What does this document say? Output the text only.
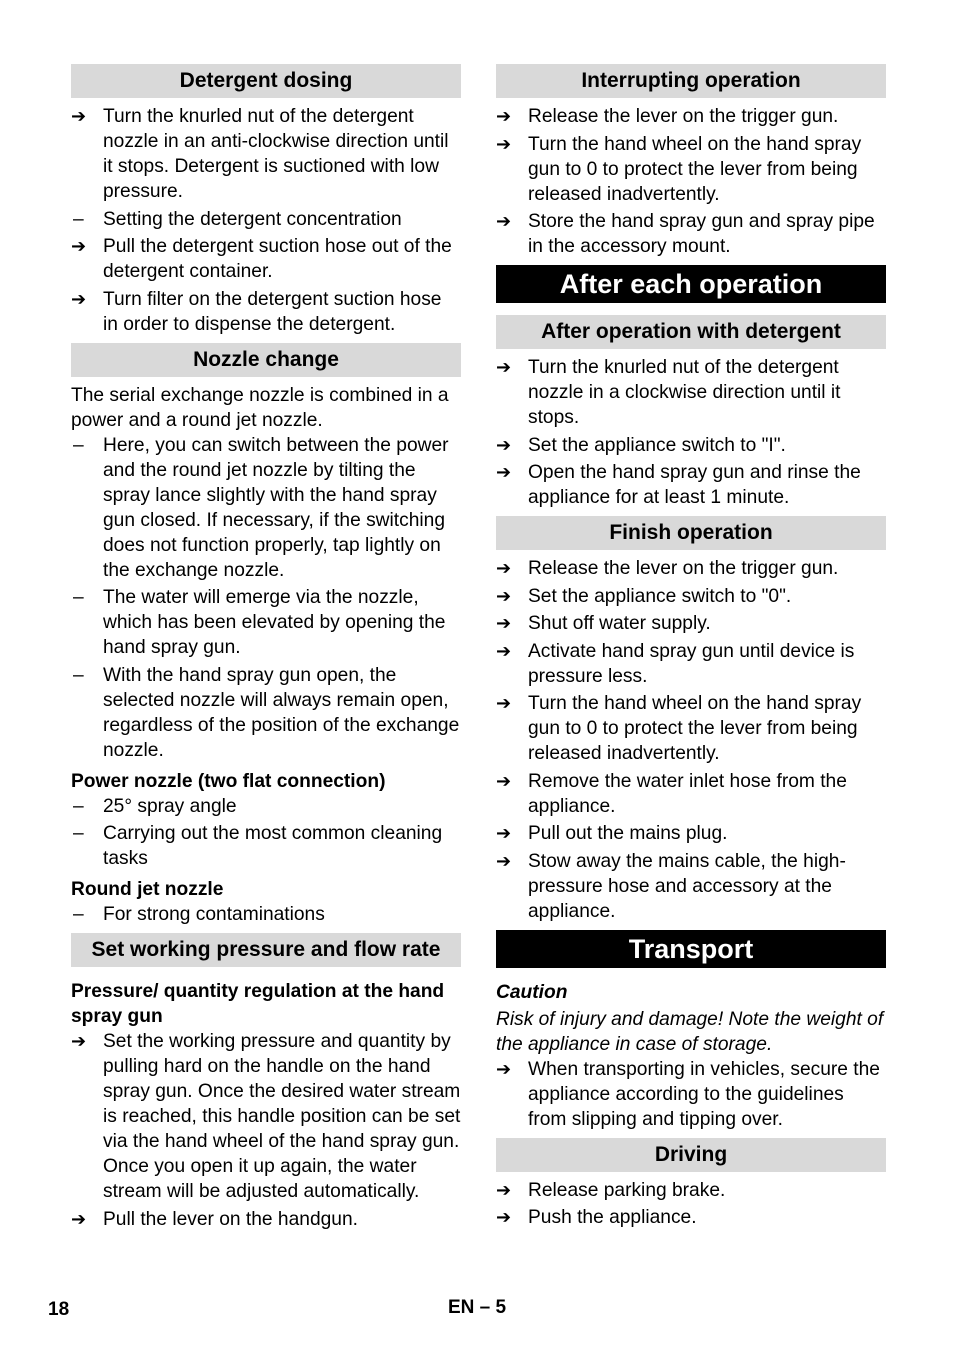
Detergent dosing
➔ Turn the knurled nut of the detergent nozzle in an anti-clockwise direction until it stops. Detergent is suctioned with low pressure.
–	Setting the detergent concentration
➔ Pull the detergent suction hose out of the detergent container.
➔ Turn filter on the detergent suction hose in order to dispense the detergent.
Nozzle change
The serial exchange nozzle is combined in a power and a round jet nozzle.
–	Here, you can switch between the power and the round jet nozzle by tilting the spray lance slightly with the hand spray gun closed. If necessary, if the switching does not function properly, tap lightly on the exchange nozzle.
–	The water will emerge via the nozzle, which has been elevated by opening the hand spray gun.
–	With the hand spray gun open, the selected nozzle will always remain open, regardless of the position of the exchange nozzle.
Power nozzle (two flat connection)
–	25° spray angle
–	Carrying out the most common cleaning tasks
Round jet nozzle
–	For strong contaminations
Set working pressure and flow rate
Pressure/ quantity regulation at the hand spray gun
➔ Set the working pressure and quantity by pulling hard on the handle on the hand spray gun. Once the desired water stream is reached, this handle position can be set via the hand wheel of the hand spray gun. Once you open it up again, the water stream will be adjusted automatically.
➔ Pull the lever on the handgun.
Interrupting operation
➔ Release the lever on the trigger gun.
➔ Turn the hand wheel on the hand spray gun to 0 to protect the lever from being released inadvertently.
➔ Store the hand spray gun and spray pipe in the accessory mount.
After each operation
After operation with detergent
➔ Turn the knurled nut of the detergent nozzle in a clockwise direction until it stops.
➔ Set the appliance switch to "I".
➔ Open the hand spray gun and rinse the appliance for at least 1 minute.
Finish operation
➔ Release the lever on the trigger gun.
➔ Set the appliance switch to "0".
➔ Shut off water supply.
➔ Activate hand spray gun until device is pressure less.
➔ Turn the hand wheel on the hand spray gun to 0 to protect the lever from being released inadvertently.
➔ Remove the water inlet hose from the appliance.
➔ Pull out the mains plug.
➔ Stow away the mains cable, the high-pressure hose and accessory at the appliance.
Transport
Caution
Risk of injury and damage! Note the weight of the appliance in case of storage.
➔ When transporting in vehicles, secure the appliance according to the guidelines from slipping and tipping over.
Driving
➔ Release parking brake.
➔ Push the appliance.
18	EN – 5
